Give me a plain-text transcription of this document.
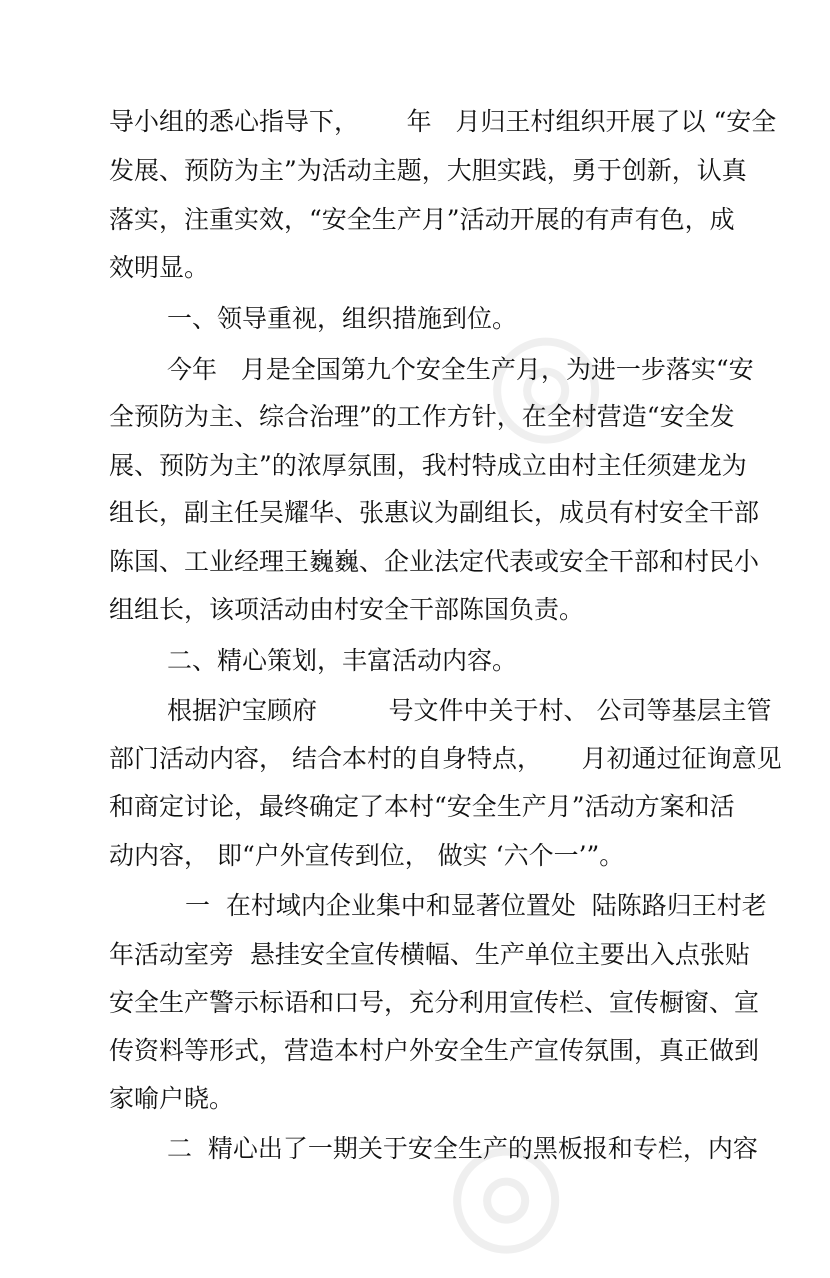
导小组的悉心指导下，      年   月归王村组织开展了以 “安全
发展、预防为主”为活动主题，大胆实践，勇于创新，认真
落实，注重实效，“安全生产月”活动开展的有声有色，成
效明显。
一、领导重视，组织措施到位。
今年   月是全国第九个安全生产月，为进一步落实“安
全预防为主、综合治理”的工作方针，在全村营造“安全发
展、预防为主”的浓厚氛围，我村特成立由村主任须建龙为
组长，副主任吴耀华、张惠议为副组长，成员有村安全干部
陈国、工业经理王巍巍、企业法定代表或安全干部和村民小
组组长，该项活动由村安全干部陈国负责。
二、精心策划，丰富活动内容。
根据沪宝顾府         号文件中关于村、 公司等基层主管
部门活动内容， 结合本村的自身特点，     月初通过征询意见
和商定讨论，最终确定了本村“安全生产月”活动方案和活
动内容， 即“户外宣传到位， 做实 ‘六个一’”。
一  在村域内企业集中和显著位置处  陆陈路归王村老
年活动室旁  悬挂安全宣传横幅、生产单位主要出入点张贴
安全生产警示标语和口号，充分利用宣传栏、宣传橱窗、宣
传资料等形式，营造本村户外安全生产宣传氛围，真正做到
家喻户晓。
二  精心出了一期关于安全生产的黑板报和专栏，内容
